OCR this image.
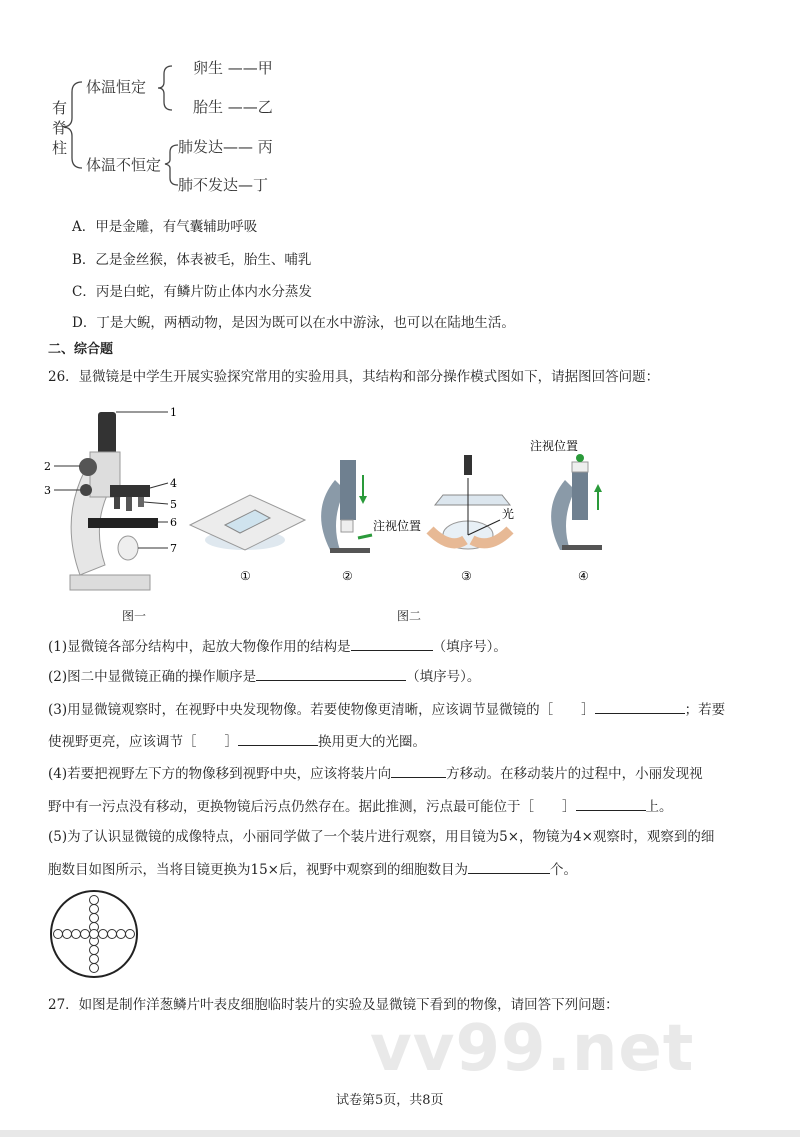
有脊柱
体温恒定
体温不恒定
卵生 ——甲
胎生 ——乙
肺发达—— 丙
肺不发达—丁
A．甲是金雕，有气囊辅助呼吸
B．乙是金丝猴，体表被毛，胎生、哺乳
C．丙是白蛇，有鳞片防止体内水分蒸发
D．丁是大鲵，两栖动物，是因为既可以在水中游泳，也可以在陆地生活。
二、综合题
26．显微镜是中学生开展实验探究常用的实验用具，其结构和部分操作模式图如下，请据图回答问题：
1
2
3
4
5
6
7
注视位置
光
注视位置
①	②	③	④
图一	图二
(1)显微镜各部分结构中，起放大物像作用的结构是	（填序号）。
(2)图二中显微镜正确的操作顺序是	（填序号）。
(3)用显微镜观察时，在视野中央发现物像。若要使物像更清晰，应该调节显微镜的［ ］	；若要
使视野更亮，应该调节［ ］	换用更大的光圈。
(4)若要把视野左下方的物像移到视野中央，应该将装片向	方移动。在移动装片的过程中，小丽发现视
野中有一污点没有移动，更换物镜后污点仍然存在。据此推测，污点最可能位于［ ］	上。
(5)为了认识显微镜的成像特点，小丽同学做了一个装片进行观察，用目镜为5×，物镜为4×观察时，观察到的细
胞数目如图所示，当将目镜更换为15×后，视野中观察到的细胞数目为	个。
27．如图是制作洋葱鳞片叶表皮细胞临时装片的实验及显微镜下看到的物像，请回答下列问题：
vv99.net
试卷第5页，共8页
